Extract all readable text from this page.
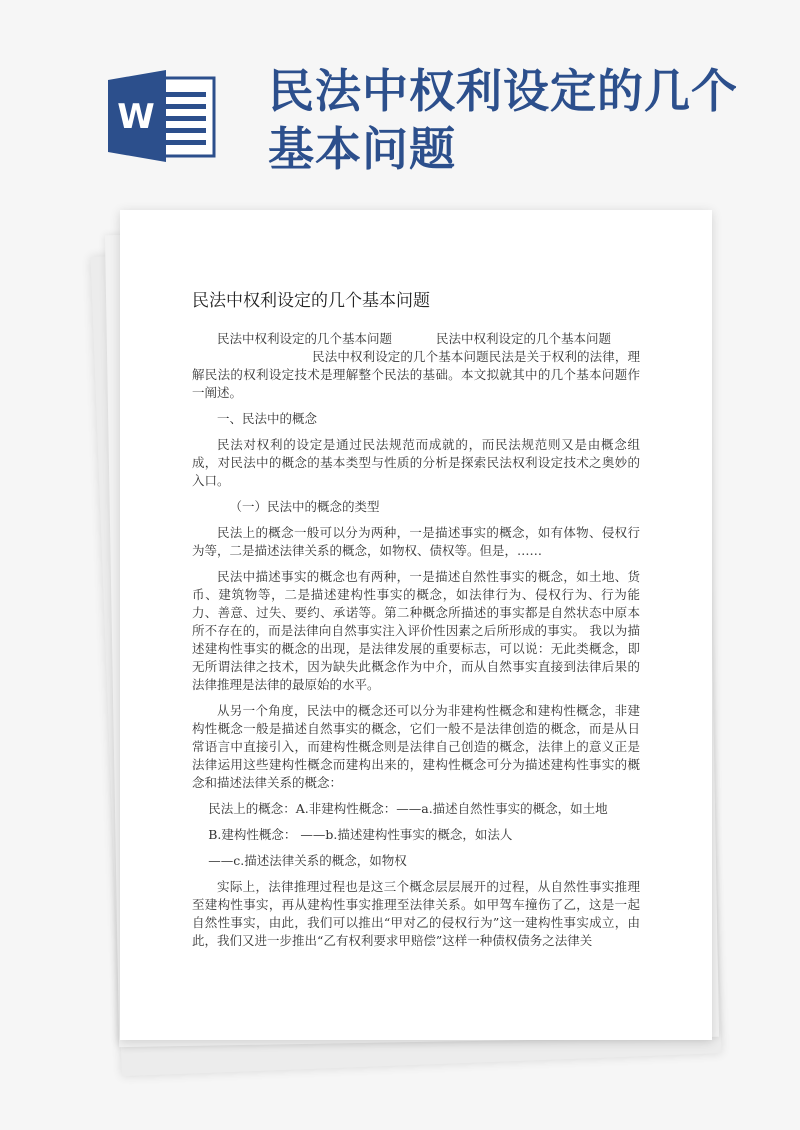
W 民法中权利设定的几个基本问题
民法中权利设定的几个基本问题

民法中权利设定的几个基本问题	民法中权利设定的几个基本问题
民法中权利设定的几个基本问题民法是关于权利的法律，理解民法的权利设定技术是理解整个民法的基础。本文拟就其中的几个基本问题作一阐述。

一、民法中的概念

民法对权利的设定是通过民法规范而成就的，而民法规范则又是由概念组成，对民法中的概念的基本类型与性质的分析是探索民法权利设定技术之奥妙的入口。

（一）民法中的概念的类型

民法上的概念一般可以分为两种，一是描述事实的概念，如有体物、侵权行为等，二是描述法律关系的概念，如物权、债权等。但是，……

民法中描述事实的概念也有两种，一是描述自然性事实的概念，如土地、货币、建筑物等，二是描述建构性事实的概念，如法律行为、侵权行为、行为能力、善意、过失、要约、承诺等。第二种概念所描述的事实都是自然状态中原本所不存在的，而是法律向自然事实注入评价性因素之后所形成的事实。 我以为描述建构性事实的概念的出现，是法律发展的重要标志，可以说：无此类概念，即无所谓法律之技术，因为缺失此概念作为中介，而从自然事实直接到法律后果的法律推理是法律的最原始的水平。

从另一个角度，民法中的概念还可以分为非建构性概念和建构性概念，非建构性概念一般是描述自然事实的概念，它们一般不是法律创造的概念，而是从日常语言中直接引入，而建构性概念则是法律自己创造的概念，法律上的意义正是法律运用这些建构性概念而建构出来的，建构性概念可分为描述建构性事实的概念和描述法律关系的概念：

民法上的概念：A.非建构性概念：——a.描述自然性事实的概念，如土地

B.建构性概念： ——b.描述建构性事实的概念，如法人

——c.描述法律关系的概念，如物权

实际上，法律推理过程也是这三个概念层层展开的过程，从自然性事实推理至建构性事实，再从建构性事实推理至法律关系。如甲驾车撞伤了乙，这是一起自然性事实，由此，我们可以推出“甲对乙的侵权行为”这一建构性事实成立，由此，我们又进一步推出“乙有权利要求甲赔偿”这样一种债权债务之法律关
